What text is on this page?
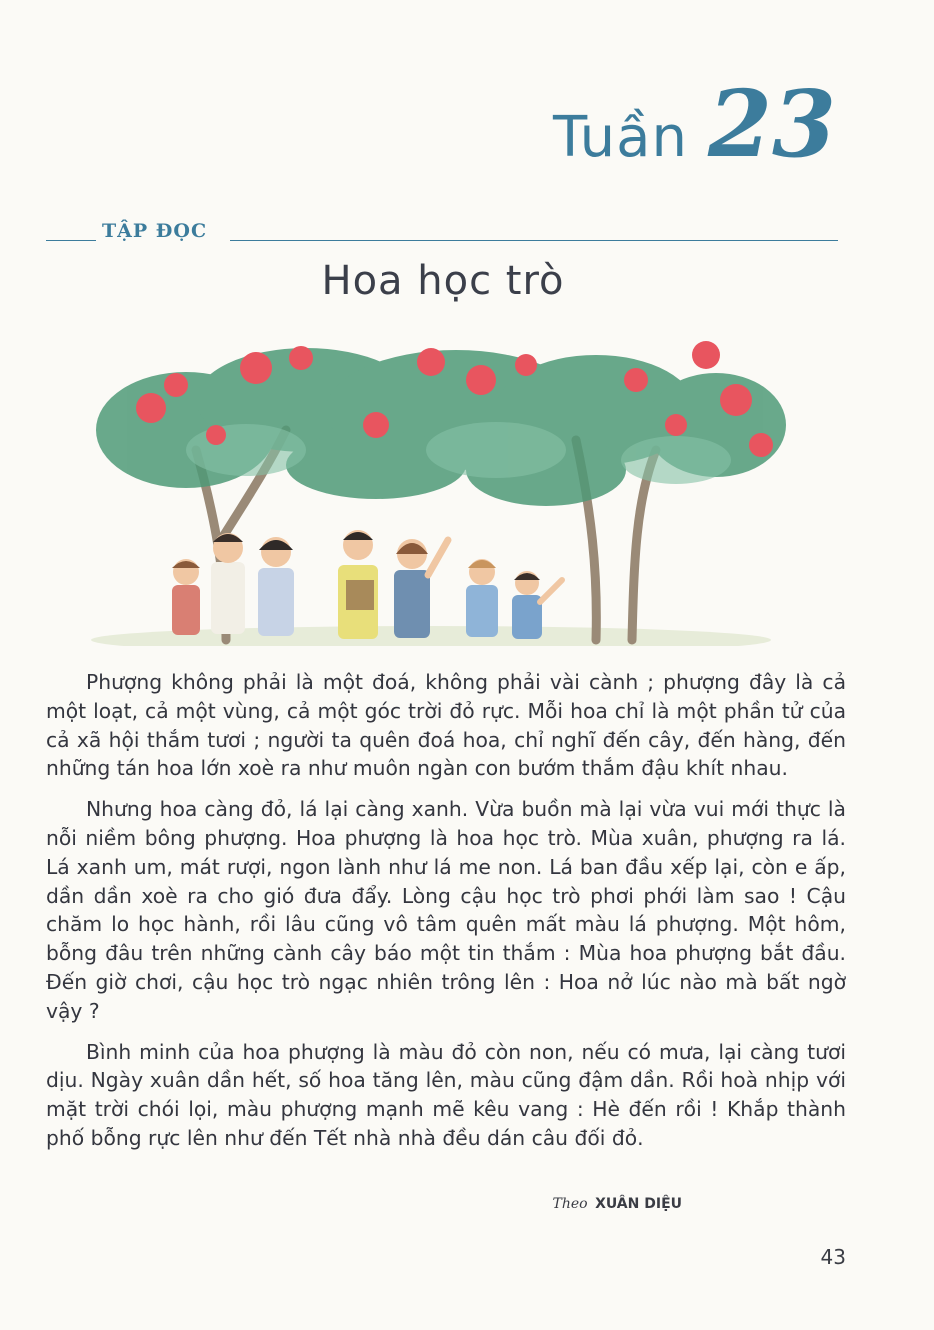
Tuần 23
TẬP ĐỌC
Hoa học trò

Phượng không phải là một đoá, không phải vài cành ; phượng đây là cả một loạt, cả một vùng, cả một góc trời đỏ rực. Mỗi hoa chỉ là một phần tử của cả xã hội thắm tươi ; người ta quên đoá hoa, chỉ nghĩ đến cây, đến hàng, đến những tán hoa lớn xoè ra như muôn ngàn con bướm thắm đậu khít nhau.

Nhưng hoa càng đỏ, lá lại càng xanh. Vừa buồn mà lại vừa vui mới thực là nỗi niềm bông phượng. Hoa phượng là hoa học trò. Mùa xuân, phượng ra lá. Lá xanh um, mát rượi, ngon lành như lá me non. Lá ban đầu xếp lại, còn e ấp, dần dần xoè ra cho gió đưa đẩy. Lòng cậu học trò phơi phới làm sao ! Cậu chăm lo học hành, rồi lâu cũng vô tâm quên mất màu lá phượng. Một hôm, bỗng đâu trên những cành cây báo một tin thắm : Mùa hoa phượng bắt đầu. Đến giờ chơi, cậu học trò ngạc nhiên trông lên : Hoa nở lúc nào mà bất ngờ vậy ?

Bình minh của hoa phượng là màu đỏ còn non, nếu có mưa, lại càng tươi dịu. Ngày xuân dần hết, số hoa tăng lên, màu cũng đậm dần. Rồi hoà nhịp với mặt trời chói lọi, màu phượng mạnh mẽ kêu vang : Hè đến rồi ! Khắp thành phố bỗng rực lên như đến Tết nhà nhà đều dán câu đối đỏ.

Theo XUÂN DIỆU
43
